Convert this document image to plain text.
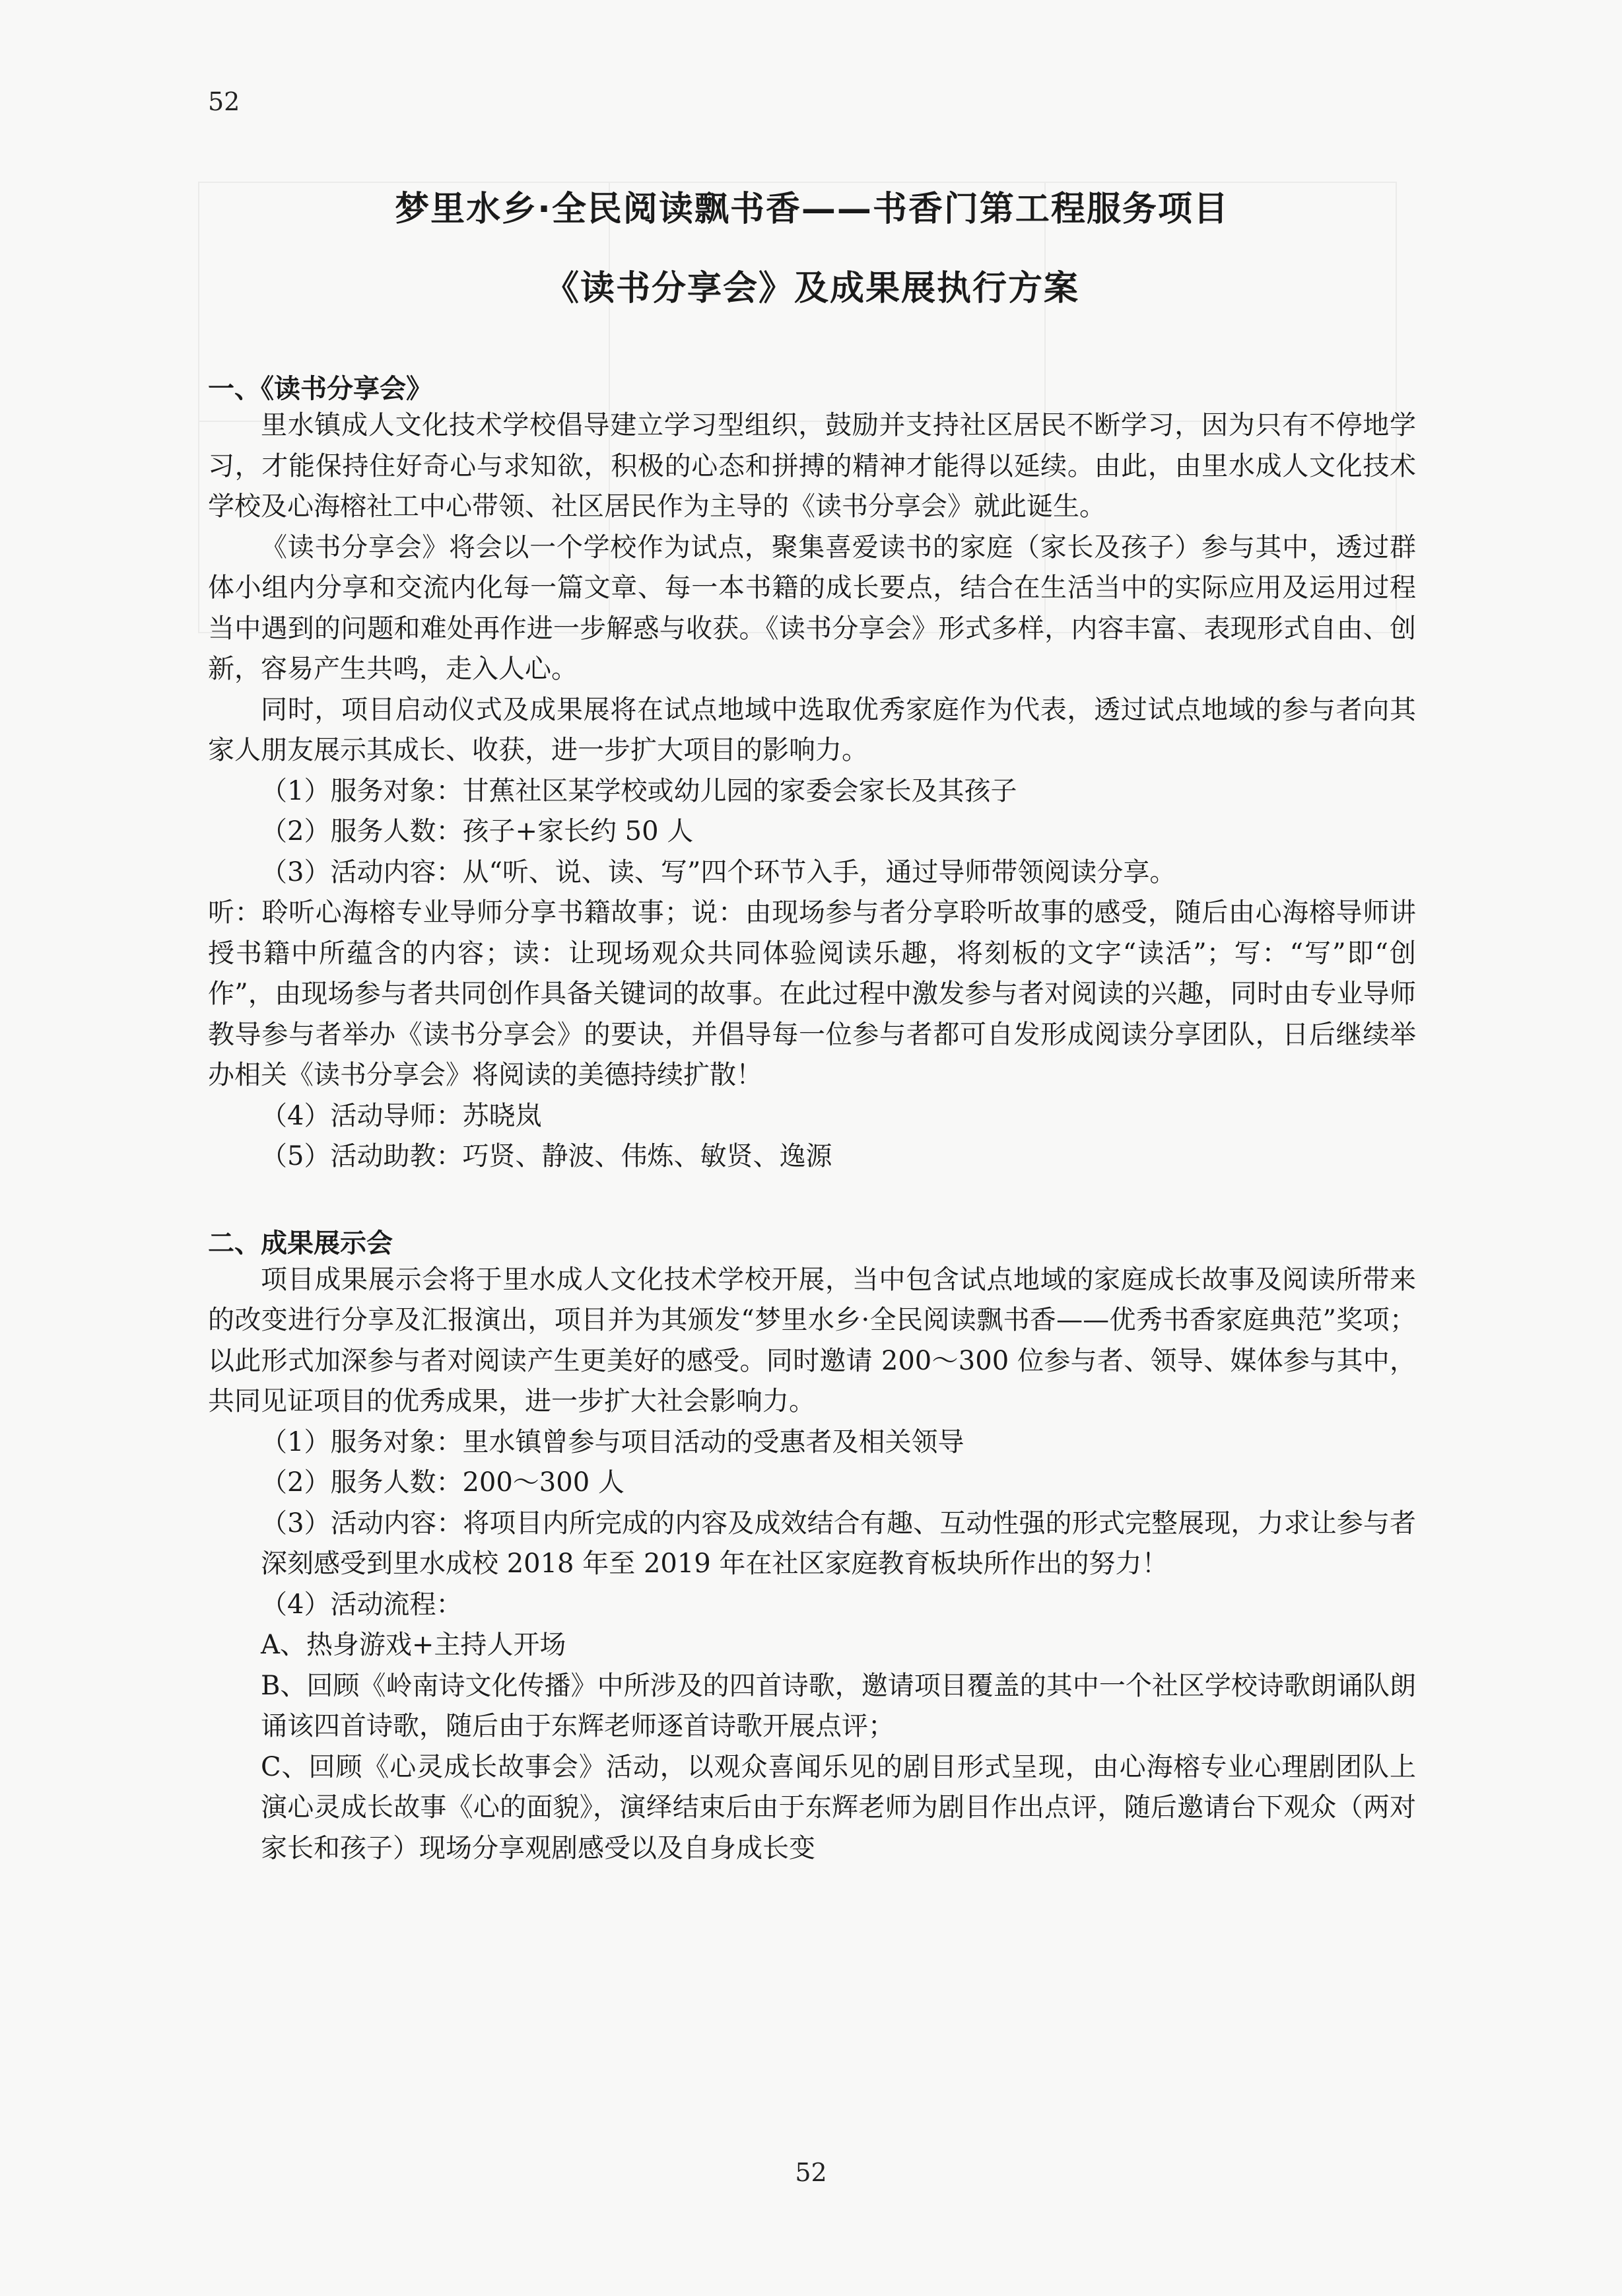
52
梦里水乡·全民阅读飘书香——书香门第工程服务项目
《读书分享会》及成果展执行方案
一、《读书分享会》

里水镇成人文化技术学校倡导建立学习型组织，鼓励并支持社区居民不断学习，因为只有不停地学习，才能保持住好奇心与求知欲，积极的心态和拼搏的精神才能得以延续。由此，由里水成人文化技术学校及心海榕社工中心带领、社区居民作为主导的《读书分享会》就此诞生。

《读书分享会》将会以一个学校作为试点，聚集喜爱读书的家庭（家长及孩子）参与其中，透过群体小组内分享和交流内化每一篇文章、每一本书籍的成长要点，结合在生活当中的实际应用及运用过程当中遇到的问题和难处再作进一步解惑与收获。《读书分享会》形式多样，内容丰富、表现形式自由、创新，容易产生共鸣，走入人心。

同时，项目启动仪式及成果展将在试点地域中选取优秀家庭作为代表，透过试点地域的参与者向其家人朋友展示其成长、收获，进一步扩大项目的影响力。

（1）服务对象：甘蕉社区某学校或幼儿园的家委会家长及其孩子

（2）服务人数：孩子+家长约 50 人

（3）活动内容：从“听、说、读、写”四个环节入手，通过导师带领阅读分享。

听：聆听心海榕专业导师分享书籍故事；说：由现场参与者分享聆听故事的感受，随后由心海榕导师讲授书籍中所蕴含的内容；读：让现场观众共同体验阅读乐趣，将刻板的文字“读活”；写：“写”即“创作”，由现场参与者共同创作具备关键词的故事。在此过程中激发参与者对阅读的兴趣，同时由专业导师教导参与者举办《读书分享会》的要诀，并倡导每一位参与者都可自发形成阅读分享团队，日后继续举办相关《读书分享会》将阅读的美德持续扩散！

（4）活动导师：苏晓岚

（5）活动助教：巧贤、静波、伟炼、敏贤、逸源

二、成果展示会

项目成果展示会将于里水成人文化技术学校开展，当中包含试点地域的家庭成长故事及阅读所带来的改变进行分享及汇报演出，项目并为其颁发“梦里水乡·全民阅读飘书香——优秀书香家庭典范”奖项；以此形式加深参与者对阅读产生更美好的感受。同时邀请 200～300 位参与者、领导、媒体参与其中，共同见证项目的优秀成果，进一步扩大社会影响力。

（1）服务对象：里水镇曾参与项目活动的受惠者及相关领导

（2）服务人数：200～300 人

（3）活动内容：将项目内所完成的内容及成效结合有趣、互动性强的形式完整展现，力求让参与者深刻感受到里水成校 2018 年至 2019 年在社区家庭教育板块所作出的努力！

（4）活动流程：

A、热身游戏+主持人开场

B、回顾《岭南诗文化传播》中所涉及的四首诗歌，邀请项目覆盖的其中一个社区学校诗歌朗诵队朗诵该四首诗歌，随后由于东辉老师逐首诗歌开展点评；

C、回顾《心灵成长故事会》活动，以观众喜闻乐见的剧目形式呈现，由心海榕专业心理剧团队上演心灵成长故事《心的面貌》，演绎结束后由于东辉老师为剧目作出点评，随后邀请台下观众（两对家长和孩子）现场分享观剧感受以及自身成长变

52
